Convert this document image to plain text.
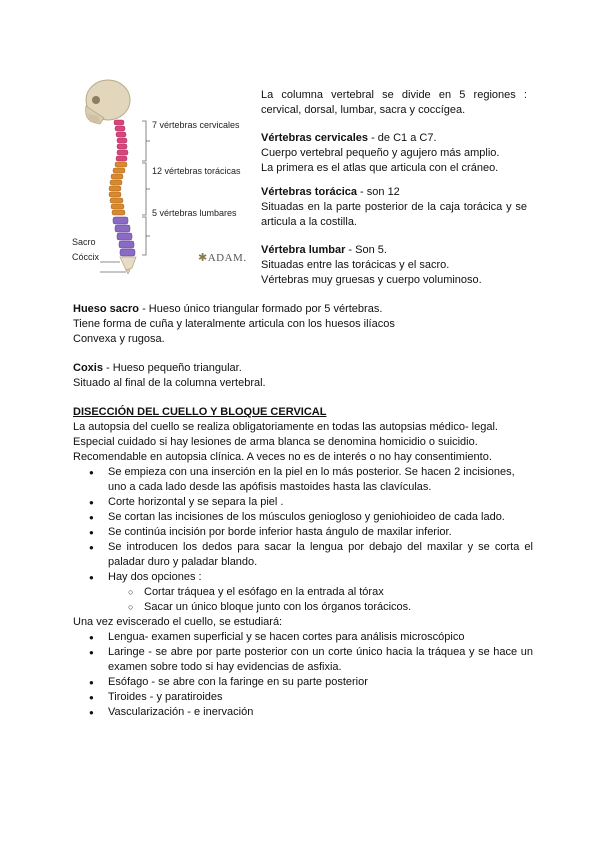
7 vértebras cervicales
12 vértebras torácicas
5 vértebras lumbares
Sacro
Cóccix	✱ADAM.

La columna vertebral se divide en 5 regiones : cervical, dorsal, lumbar, sacra y coccígea.

Vértebras cervicales - de C1 a C7.

Cuerpo vertebral pequeño y agujero más amplio.

La primera es el atlas que articula con el cráneo.

Vértebras torácica - son 12

Situadas en la parte posterior de la caja torácica y se articula a la costilla.

Vértebra lumbar - Son 5.

Situadas entre las torácicas y el sacro.

Vértebras muy gruesas y cuerpo voluminoso.

Hueso sacro - Hueso único triangular formado por 5 vértebras.

Tiene forma de cuña y lateralmente articula con los huesos ilíacos

Convexa y rugosa.

Coxis - Hueso pequeño triangular.

Situado al final de la columna vertebral.

DISECCIÓN DEL CUELLO Y BLOQUE CERVICAL

La autopsia del cuello se realiza obligatoriamente en todas las autopsias médico- legal.

Especial cuidado si hay lesiones de arma blanca se denomina homicidio o suicidio.

Recomendable en autopsia clínica. A veces no es de interés o no hay consentimiento.

● Se empieza con una inserción en la piel en lo más posterior. Se hacen 2 incisiones, uno a cada lado desde las apófisis mastoides hasta las clavículas.
● Corte horizontal y se separa la piel .
● Se cortan las incisiones de los músculos geniogloso y geniohioideo de cada lado.
● Se continúa incisión por borde inferior hasta ángulo de maxilar inferior.
● Se introducen los dedos para sacar la lengua por debajo del maxilar y se corta el paladar duro y paladar blando.
● Hay dos opciones :
○ Cortar tráquea y el esófago en la entrada al tórax
○ Sacar un único bloque junto con los órganos torácicos.

Una vez eviscerado el cuello, se estudiará:

● Lengua- examen superficial y se hacen cortes para análisis microscópico
● Laringe - se abre por parte posterior con un corte único hacia la tráquea y se hace un examen sobre todo si hay evidencias de asfixia.
● Esófago - se abre con la faringe en su parte posterior
● Tiroides - y paratiroides
● Vascularización - e inervación
